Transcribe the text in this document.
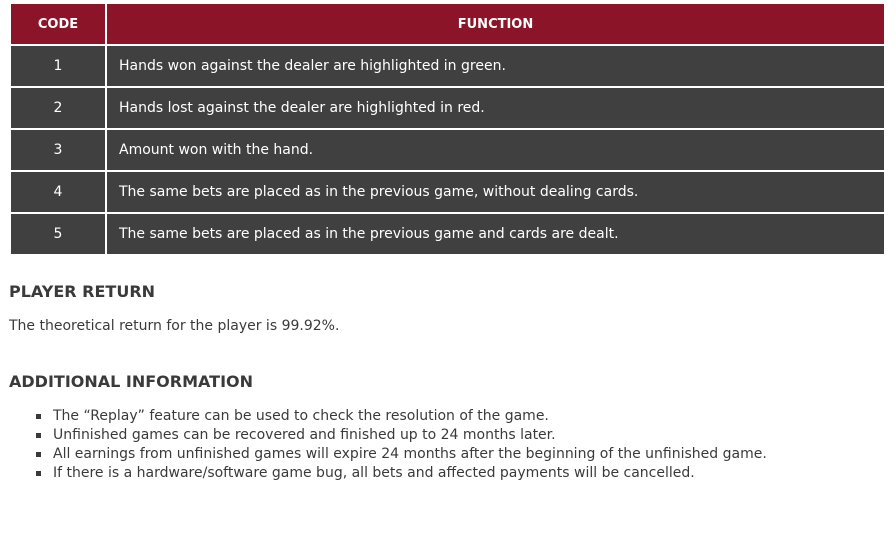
CODE	FUNCTION
1	Hands won against the dealer are highlighted in green.
2	Hands lost against the dealer are highlighted in red.
3	Amount won with the hand.
4	The same bets are placed as in the previous game, without dealing cards.
5	The same bets are placed as in the previous game and cards are dealt.
PLAYER RETURN

The theoretical return for the player is 99.92%.

ADDITIONAL INFORMATION
The “Replay” feature can be used to check the resolution of the game.
Unfinished games can be recovered and finished up to 24 months later.
All earnings from unfinished games will expire 24 months after the beginning of the unfinished game.
If there is a hardware/software game bug, all bets and affected payments will be cancelled.
